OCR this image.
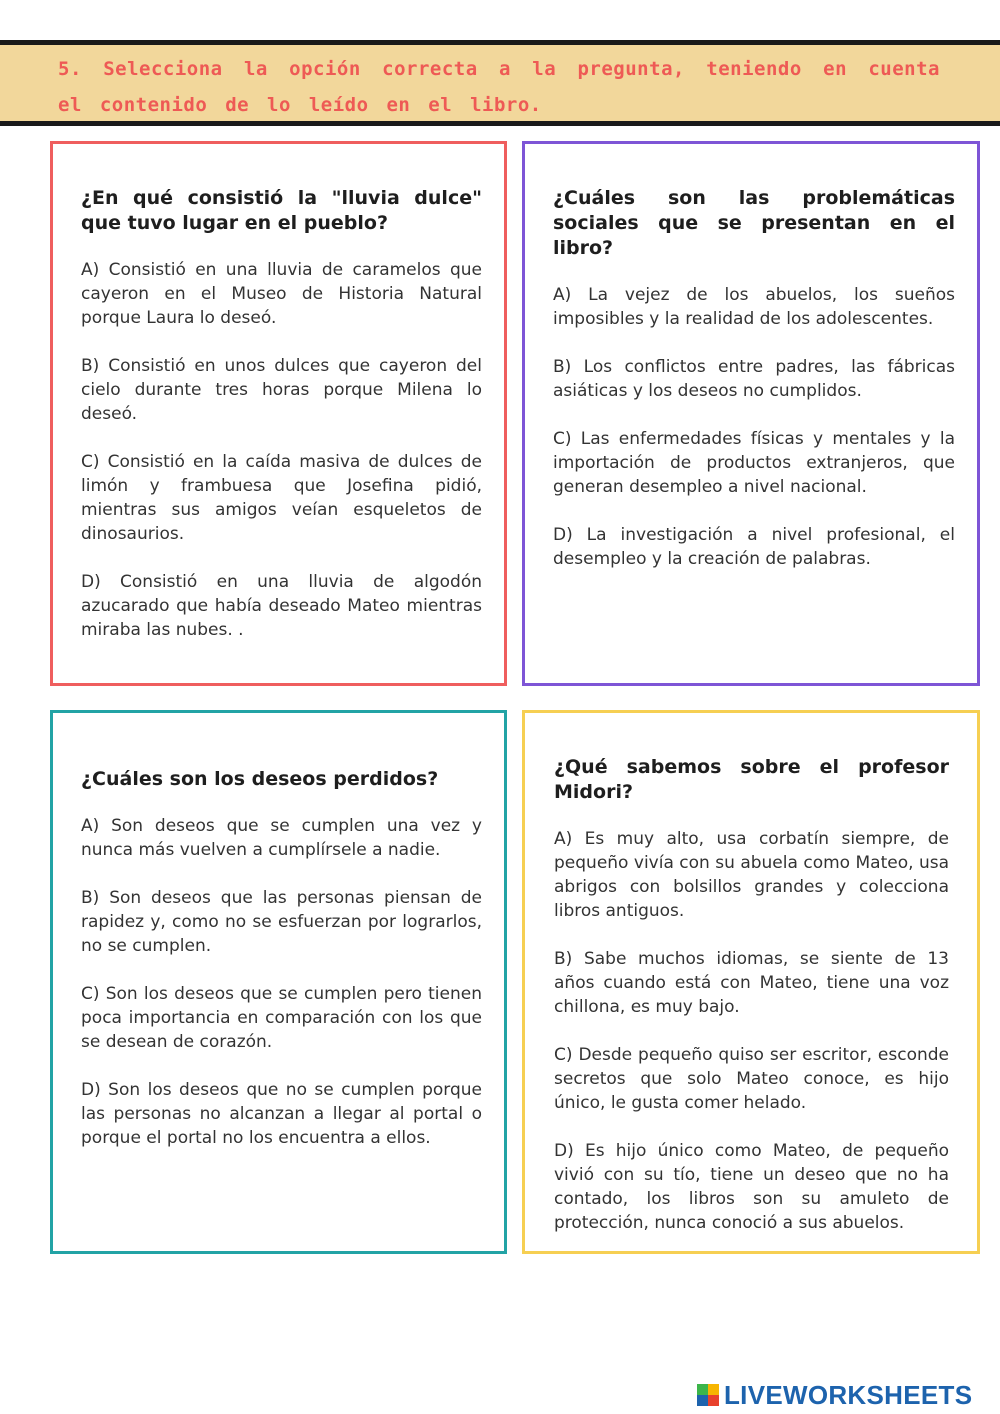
5. Selecciona la opción correcta a la pregunta, teniendo en cuenta el contenido de lo leído en el libro.
¿En qué consistió la "lluvia dulce" que tuvo lugar en el pueblo?
A) Consistió en una lluvia de caramelos que cayeron en el Museo de Historia Natural porque Laura lo deseó.
B) Consistió en unos dulces que cayeron del cielo durante tres horas porque Milena lo deseó.
C) Consistió en la caída masiva de dulces de limón y frambuesa que Josefina pidió, mientras sus amigos veían esqueletos de dinosaurios.
D) Consistió en una lluvia de algodón azucarado que había deseado Mateo mientras miraba las nubes. .
¿Cuáles son las problemáticas sociales que se presentan en el libro?
A) La vejez de los abuelos, los sueños imposibles y la realidad de los adolescentes.
B) Los conflictos entre padres, las fábricas asiáticas y los deseos no cumplidos.
C) Las enfermedades físicas y mentales y la importación de productos extranjeros, que generan desempleo a nivel nacional.
D) La investigación a nivel profesional, el desempleo y la creación de palabras.
¿Cuáles son los deseos perdidos?
A) Son deseos que se cumplen una vez y nunca más vuelven a cumplírsele a nadie.
B) Son deseos que las personas piensan de rapidez y, como no se esfuerzan por lograrlos, no se cumplen.
C) Son los deseos que se cumplen pero tienen poca importancia en comparación con los que se desean de corazón.
D) Son los deseos que no se cumplen porque las personas no alcanzan a llegar al portal o porque el portal no los encuentra a ellos.
¿Qué sabemos sobre el profesor Midori?
A) Es muy alto, usa corbatín siempre, de pequeño vivía con su abuela como Mateo, usa abrigos con bolsillos grandes y colecciona libros antiguos.
B) Sabe muchos idiomas, se siente de 13 años cuando está con Mateo, tiene una voz chillona, es muy bajo.
C) Desde pequeño quiso ser escritor, esconde secretos que solo Mateo conoce, es hijo único, le gusta comer helado.
D) Es hijo único como Mateo, de pequeño vivió con su tío, tiene un deseo que no ha contado, los libros son su amuleto de protección, nunca conoció a sus abuelos.
LIVEWORKSHEETS
